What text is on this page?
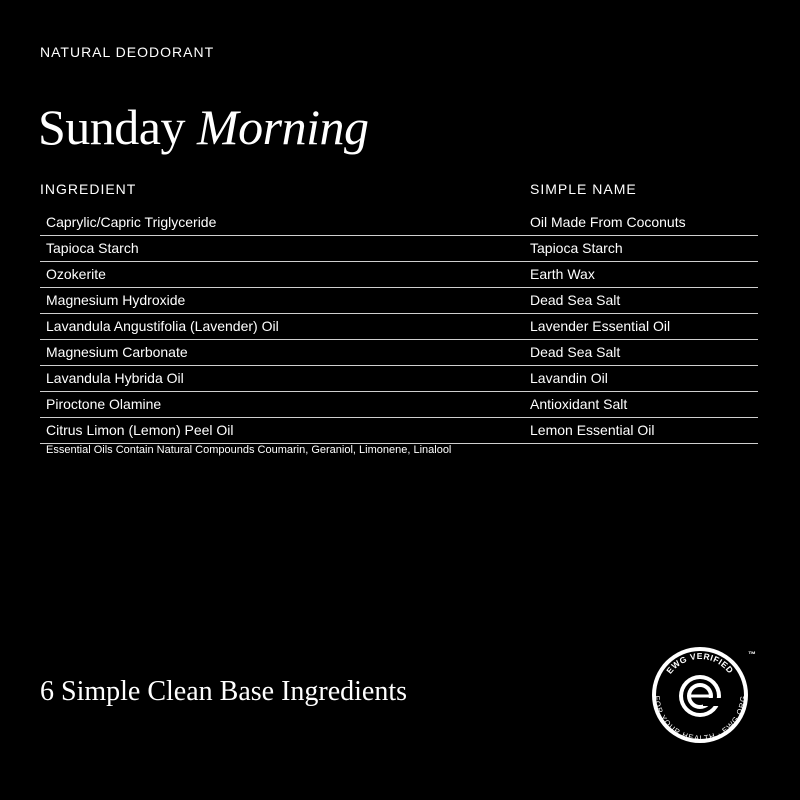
NATURAL DEODORANT
Sunday Morning
INGREDIENT	SIMPLE NAME
Caprylic/Capric Triglyceride	Oil Made From Coconuts
Tapioca Starch	Tapioca Starch
Ozokerite	Earth Wax
Magnesium Hydroxide	Dead Sea Salt
Lavandula Angustifolia (Lavender) Oil	Lavender Essential Oil
Magnesium Carbonate	Dead Sea Salt
Lavandula Hybrida Oil	Lavandin Oil
Piroctone Olamine	Antioxidant Salt
Citrus Limon (Lemon) Peel Oil	Lemon Essential Oil
Essential Oils Contain Natural Compounds Coumarin, Geraniol, Limonene, Linalool
6 Simple Clean Base Ingredients
EWG VERIFIED
FOR YOUR HEALTH · EWG.ORG
™
